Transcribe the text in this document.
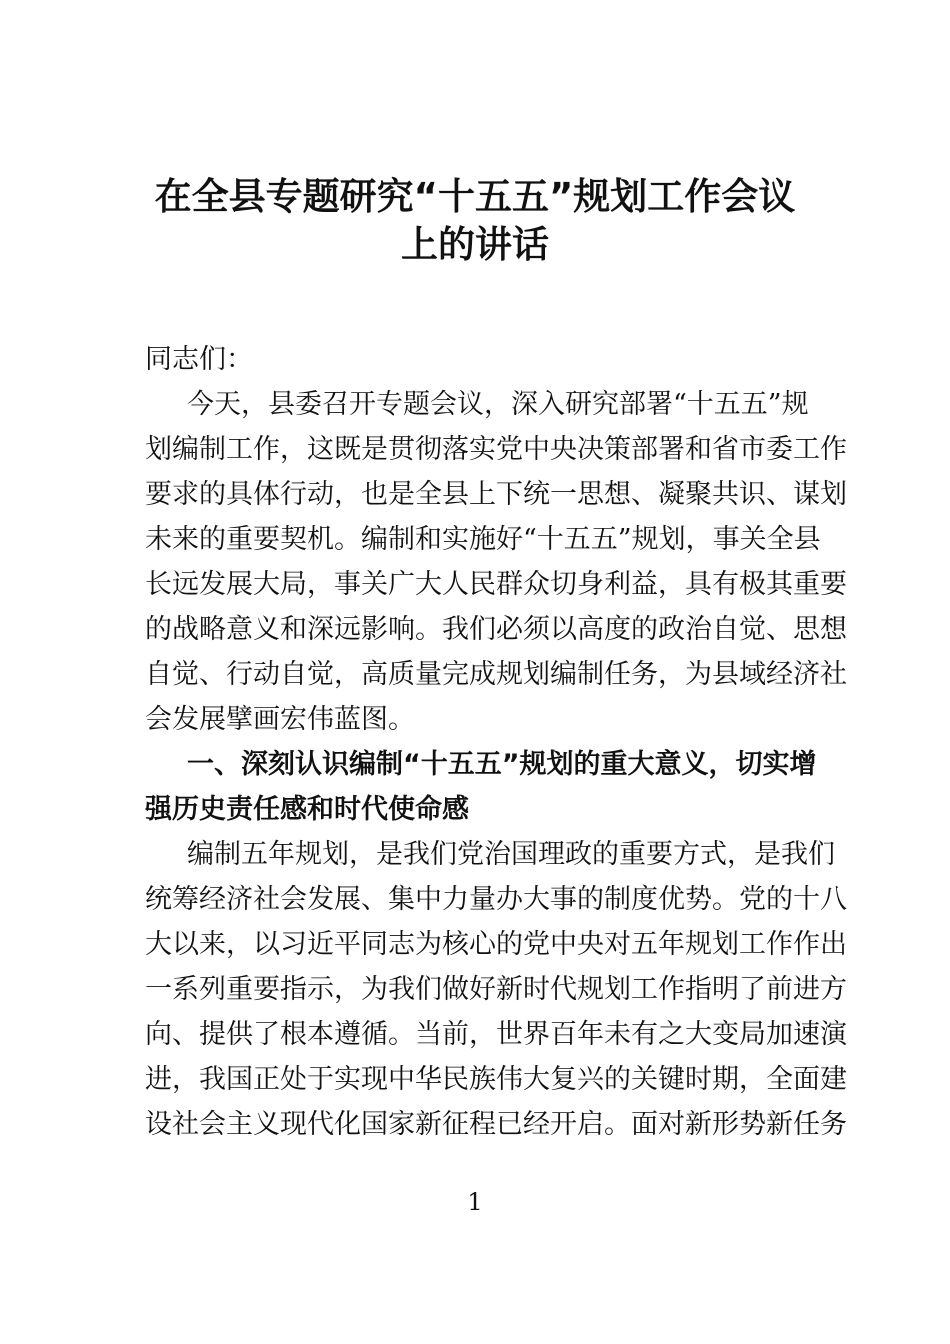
在全县专题研究“十五五”规划工作会议
上的讲话
同志们：
今天，县委召开专题会议，深入研究部署“十五五”规
划编制工作，这既是贯彻落实党中央决策部署和省市委工作
要求的具体行动，也是全县上下统一思想、凝聚共识、谋划
未来的重要契机。编制和实施好“十五五”规划，事关全县
长远发展大局，事关广大人民群众切身利益，具有极其重要
的战略意义和深远影响。我们必须以高度的政治自觉、思想
自觉、行动自觉，高质量完成规划编制任务，为县域经济社
会发展擘画宏伟蓝图。
一、深刻认识编制“十五五”规划的重大意义，切实增
强历史责任感和时代使命感
编制五年规划，是我们党治国理政的重要方式，是我们
统筹经济社会发展、集中力量办大事的制度优势。党的十八
大以来，以习近平同志为核心的党中央对五年规划工作作出
一系列重要指示，为我们做好新时代规划工作指明了前进方
向、提供了根本遵循。当前，世界百年未有之大变局加速演
进，我国正处于实现中华民族伟大复兴的关键时期，全面建
设社会主义现代化国家新征程已经开启。面对新形势新任务
1
